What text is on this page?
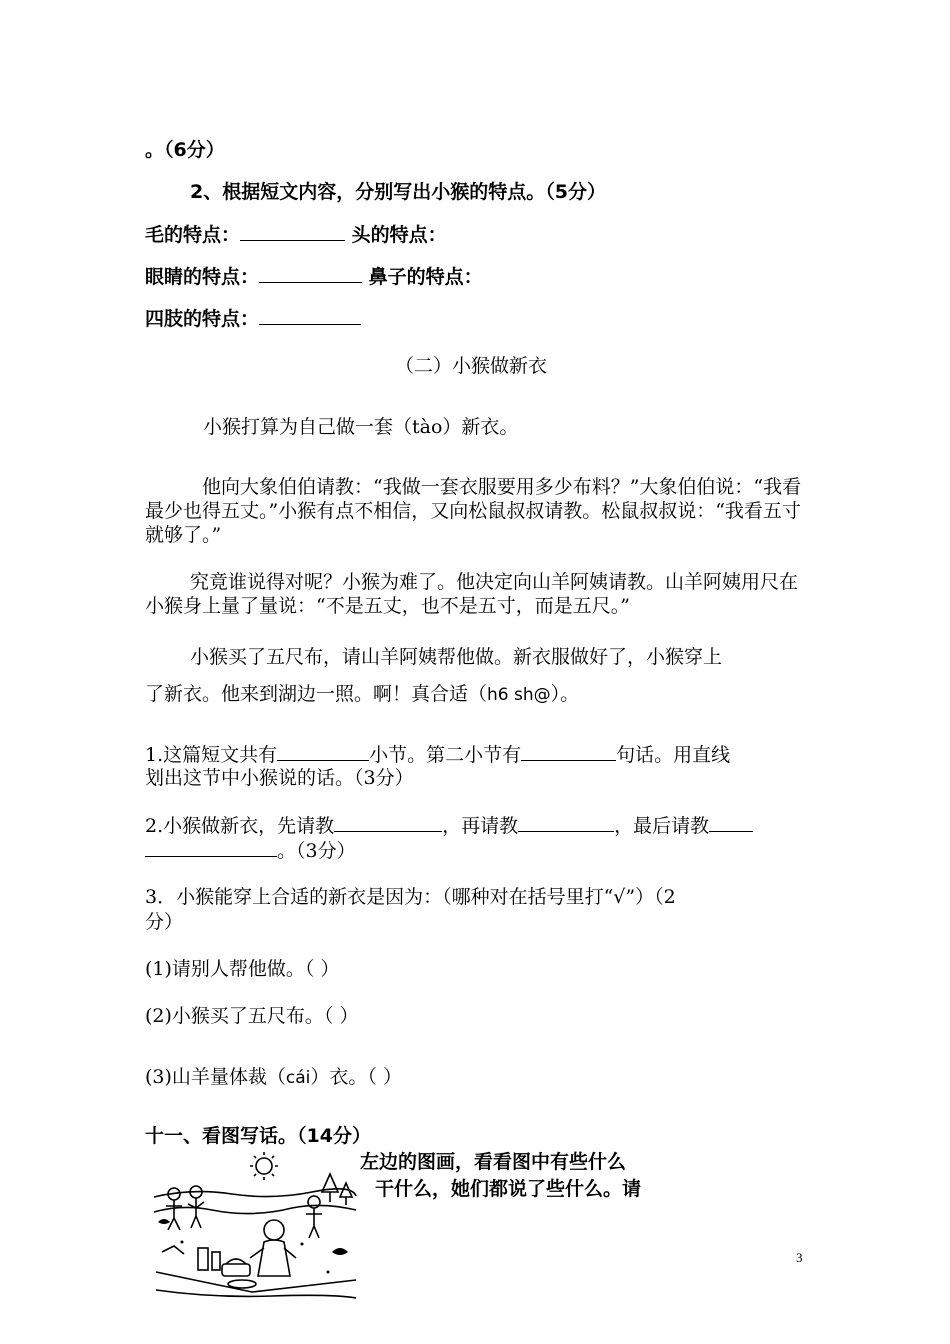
。（6分）
2、根据短文内容，分别写出小猴的特点。（5分）
毛的特点：	头的特点：
眼睛的特点：	鼻子的特点：
四肢的特点：
（二）小猴做新衣
小猴打算为自己做一套（tào）新衣。
他向大象伯伯请教：“我做一套衣服要用多少布料？”大象伯伯说：“我看最少也得五丈。”小猴有点不相信，又向松鼠叔叔请教。松鼠叔叔说：“我看五寸就够了。”
究竟谁说得对呢？小猴为难了。他决定向山羊阿姨请教。山羊阿姨用尺在小猴身上量了量说：“不是五丈，也不是五寸，而是五尺。”
小猴买了五尺布，请山羊阿姨帮他做。新衣服做好了，小猴穿上
了新衣。他来到湖边一照。啊！真合适（h6 sh@）。
1.这篇短文共有	小节。第二小节有	句话。用直线
划出这节中小猴说的话。（3分）
2.小猴做新衣，先请教	，再请教	，最后请教
。（3分）
3．小猴能穿上合适的新衣是因为：（哪种对在括号里打“√”）（2
分）
(1)请别人帮他做。（ ）
(2)小猴买了五尺布。（ ）
(3)山羊量体裁（cái）衣。（ ）
十一、看图写话。（14分）
左边的图画，看看图中有些什么
干什么，她们都说了些什么。请
3
